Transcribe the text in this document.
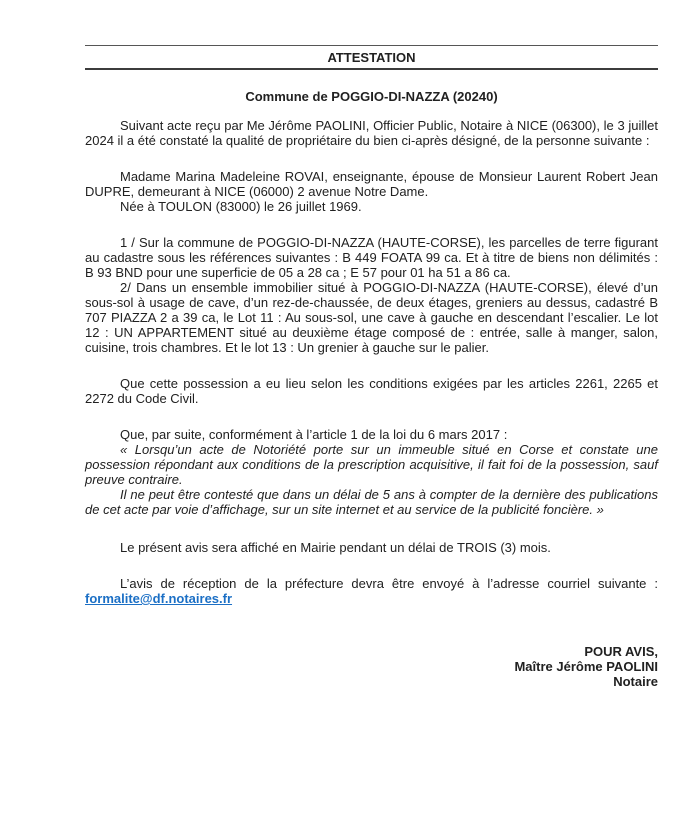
ATTESTATION
Commune de POGGIO-DI-NAZZA (20240)

Suivant acte reçu par Me Jérôme PAOLINI, Officier Public, Notaire à NICE (06300), le 3 juillet 2024 il a été constaté la qualité de propriétaire du bien ci-après désigné, de la personne suivante :

Madame Marina Madeleine ROVAI, enseignante, épouse de Monsieur Laurent Robert Jean DUPRE, demeurant à NICE (06000) 2 avenue Notre Dame.

Née à TOULON (83000) le 26 juillet 1969.

1 / Sur la commune de POGGIO-DI-NAZZA (HAUTE-CORSE), les parcelles de terre figurant au cadastre sous les références suivantes : B 449 FOATA 99 ca. Et à titre de biens non délimités : B 93 BND pour une superficie de 05 a 28 ca ; E 57 pour 01 ha 51 a 86 ca.

2/ Dans un ensemble immobilier situé à POGGIO-DI-NAZZA (HAUTE-CORSE), élevé d’un sous-sol à usage de cave, d’un rez-de-chaussée, de deux étages, greniers au dessus, cadastré B 707 PIAZZA 2 a 39 ca, le Lot 11 : Au sous-sol, une cave à gauche en descendant l’escalier. Le lot 12 : UN APPARTEMENT situé au deuxième étage composé de : entrée, salle à manger, salon, cuisine, trois chambres. Et le lot 13 : Un grenier à gauche sur le palier.

Que cette possession a eu lieu selon les conditions exigées par les articles 2261, 2265 et 2272 du Code Civil.

Que, par suite, conformément à l’article 1 de la loi du 6 mars 2017 :

« Lorsqu’un acte de Notoriété porte sur un immeuble situé en Corse et constate une possession répondant aux conditions de la prescription acquisitive, il fait foi de la possession, sauf preuve contraire.

Il ne peut être contesté que dans un délai de 5 ans à compter de la dernière des publications de cet acte par voie d’affichage, sur un site internet et au service de la publicité foncière. »

Le présent avis sera affiché en Mairie pendant un délai de TROIS (3) mois.

L’avis de réception de la préfecture devra être envoyé à l’adresse courriel suivante : formalite@df.notaires.fr

POUR AVIS,
Maître Jérôme PAOLINI
Notaire
